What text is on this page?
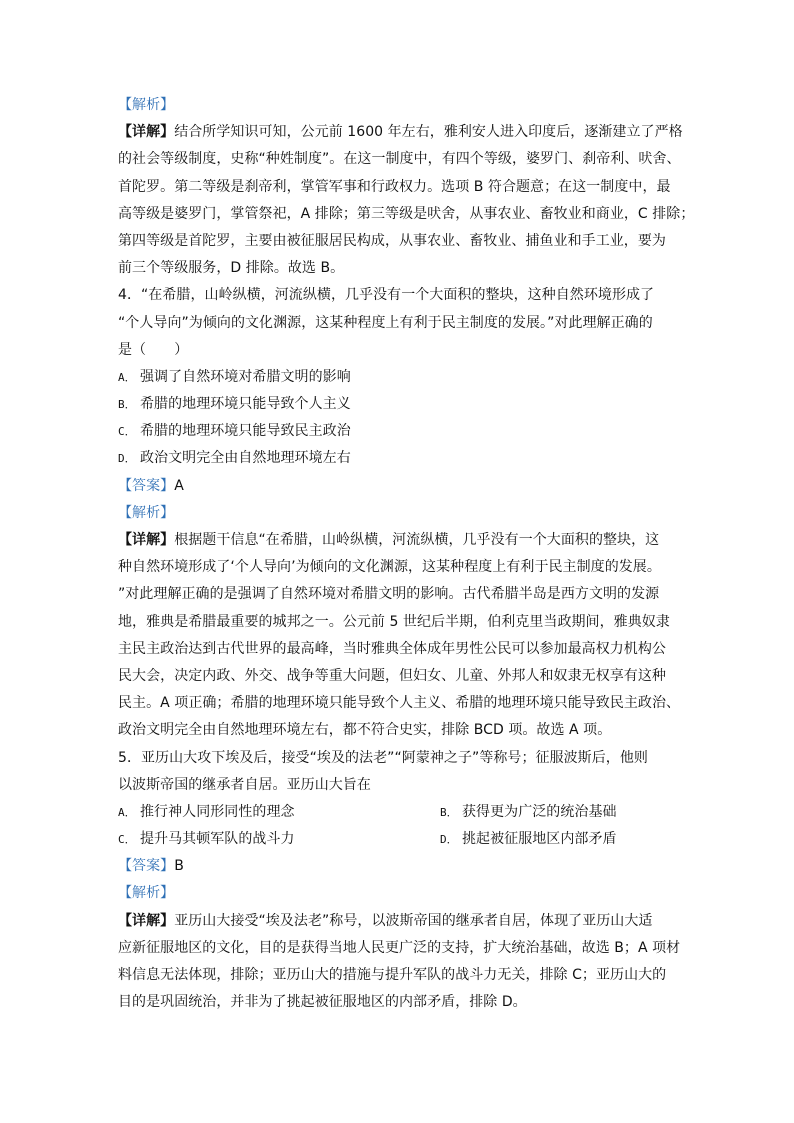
【解析】
【详解】结合所学知识可知，公元前 1600 年左右，雅利安人进入印度后，逐渐建立了严格
的社会等级制度，史称“种姓制度”。在这一制度中，有四个等级，婆罗门、刹帝利、吠舍、
首陀罗。第二等级是刹帝利，掌管军事和行政权力。选项 B 符合题意；在这一制度中，最
高等级是婆罗门，掌管祭祀，A 排除；第三等级是吠舍，从事农业、畜牧业和商业，C 排除；
第四等级是首陀罗，主要由被征服居民构成，从事农业、畜牧业、捕鱼业和手工业，要为
前三个等级服务，D 排除。故选 B。
4．“在希腊，山岭纵横，河流纵横，几乎没有一个大面积的整块，这种自然环境形成了
“个人导向”为倾向的文化渊源，这某种程度上有利于民主制度的发展。”对此理解正确的
是（　　）
A． 强调了自然环境对希腊文明的影响
B． 希腊的地理环境只能导致个人主义
C． 希腊的地理环境只能导致民主政治
D． 政治文明完全由自然地理环境左右
【答案】A
【解析】
【详解】根据题干信息“在希腊，山岭纵横，河流纵横，几乎没有一个大面积的整块，这
种自然环境形成了‘个人导向’为倾向的文化渊源，这某种程度上有利于民主制度的发展。
”对此理解正确的是强调了自然环境对希腊文明的影响。古代希腊半岛是西方文明的发源
地，雅典是希腊最重要的城邦之一。公元前 5 世纪后半期，伯利克里当政期间，雅典奴隶
主民主政治达到古代世界的最高峰，当时雅典全体成年男性公民可以参加最高权力机构公
民大会，决定内政、外交、战争等重大问题，但妇女、儿童、外邦人和奴隶无权享有这种
民主。A 项正确；希腊的地理环境只能导致个人主义、希腊的地理环境只能导致民主政治、
政治文明完全由自然地理环境左右，都不符合史实，排除 BCD 项。故选 A 项。
5．亚历山大攻下埃及后，接受“埃及的法老”“阿蒙神之子”等称号；征服波斯后，他则
以波斯帝国的继承者自居。亚历山大旨在
A． 推行神人同形同性的理念	B． 获得更为广泛的统治基础
C． 提升马其顿军队的战斗力	D． 挑起被征服地区内部矛盾
【答案】B
【解析】
【详解】亚历山大接受“埃及法老”称号，以波斯帝国的继承者自居，体现了亚历山大适
应新征服地区的文化，目的是获得当地人民更广泛的支持，扩大统治基础，故选 B；A 项材
料信息无法体现，排除；亚历山大的措施与提升军队的战斗力无关，排除 C；亚历山大的
目的是巩固统治，并非为了挑起被征服地区的内部矛盾，排除 D。
